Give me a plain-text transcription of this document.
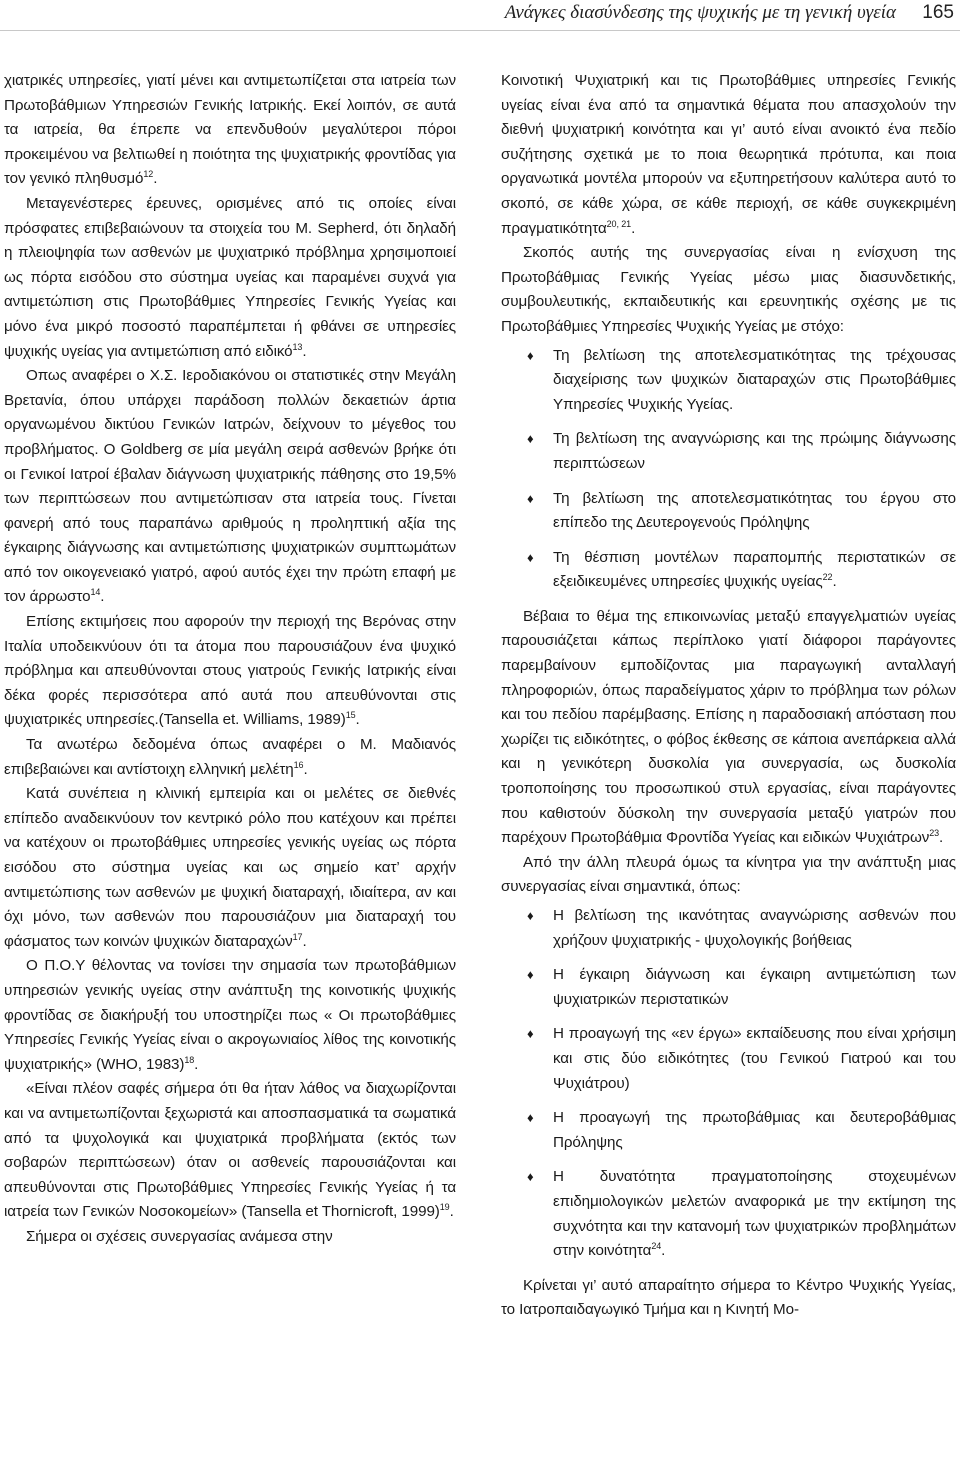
Ανάγκες διασύνδεσης της ψυχικής με τη γενική υγεία 165

χιατρικές υπηρεσίες, γιατί μένει και αντιμετωπίζεται στα ιατρεία των Πρωτοβάθμιων Υπηρεσιών Γενικής Ιατρικής. Εκεί λοιπόν, σε αυτά τα ιατρεία, θα έπρεπε να επενδυθούν μεγαλύτεροι πόροι προκειμένου να βελτιωθεί η ποιότητα της ψυχιατρικής φροντίδας για τον γενικό πληθυσμό$^{12}$.

Μεταγενέστερες έρευνες, ορισμένες από τις οποίες είναι πρόσφατες επιβεβαιώνουν τα στοιχεία του M. Sepherd, ότι δηλαδή η πλειοψηφία των ασθενών με ψυχιατρικό πρόβλημα χρησιμοποιεί ως πόρτα εισόδου στο σύστημα υγείας και παραμένει συχνά για αντιμετώπιση στις Πρωτοβάθμιες Υπηρεσίες Γενικής Υγείας και μόνο ένα μικρό ποσοστό παραπέμπεται ή φθάνει σε υπηρεσίες ψυχικής υγείας για αντιμετώπιση από ειδικό$^{13}$.

Οπως αναφέρει ο Χ.Σ. Ιεροδιακόνου οι στατιστικές στην Μεγάλη Βρετανία, όπου υπάρχει παράδοση πολλών δεκαετιών άρτια οργανωμένου δικτύου Γενικών Ιατρών, δείχνουν το μέγεθος του προβλήματος. Ο Goldberg σε μία μεγάλη σειρά ασθενών βρήκε ότι οι Γενικοί Ιατροί έβαλαν διάγνωση ψυχιατρικής πάθησης στο 19,5% των περιπτώσεων που αντιμετώπισαν στα ιατρεία τους. Γίνεται φανερή από τους παραπάνω αριθμούς η προληπτική αξία της έγκαιρης διάγνωσης και αντιμετώπισης ψυχιατρικών συμπτωμάτων από τον οικογενειακό γιατρό, αφού αυτός έχει την πρώτη επαφή με τον άρρωστο$^{14}$.

Επίσης εκτιμήσεις που αφορούν την περιοχή της Βερόνας στην Ιταλία υποδεικνύουν ότι τα άτομα που παρουσιάζουν ένα ψυχικό πρόβλημα και απευθύνονται στους γιατρούς Γενικής Ιατρικής είναι δέκα φορές περισσότερα από αυτά που απευθύνονται στις ψυχιατρικές υπηρεσίες.(Tansella et. Williams, 1989)$^{15}$.

Τα ανωτέρω δεδομένα όπως αναφέρει ο Μ. Μαδιανός επιβεβαιώνει και αντίστοιχη ελληνική μελέτη$^{16}$.

Κατά συνέπεια η κλινική εμπειρία και οι μελέτες σε διεθνές επίπεδο αναδεικνύουν τον κεντρικό ρόλο που κατέχουν και πρέπει να κατέχουν οι πρωτοβάθμιες υπηρεσίες γενικής υγείας ως πόρτα εισόδου στο σύστημα υγείας και ως σημείο κατ’ αρχήν αντιμετώπισης των ασθενών με ψυχική διαταραχή, ιδιαίτερα, αν και όχι μόνο, των ασθενών που παρουσιάζουν μια διαταραχή του φάσματος των κοινών ψυχικών διαταραχών$^{17}$.

Ο Π.Ο.Υ θέλοντας να τονίσει την σημασία των πρωτοβάθμιων υπηρεσιών γενικής υγείας στην ανάπτυξη της κοινοτικής ψυχικής φροντίδας σε διακήρυξή του υποστηρίζει πως « Οι πρωτοβάθμιες Υπηρεσίες Γενικής Υγείας είναι ο ακρογωνιαίος λίθος της κοινοτικής ψυχιατρικής» (WHO, 1983)$^{18}$.

«Είναι πλέον σαφές σήμερα ότι θα ήταν λάθος να διαχωρίζονται και να αντιμετωπίζονται ξεχωριστά και αποσπασματικά τα σωματικά από τα ψυχολογικά και ψυχιατρικά προβλήματα (εκτός των σοβαρών περιπτώσεων) όταν οι ασθενείς παρουσιάζονται και απευθύνονται στις Πρωτοβάθμιες Υπηρεσίες Γενικής Υγείας ή τα ιατρεία των Γενικών Νοσοκομείων» (Tansella et Thornicroft, 1999)$^{19}$.

Σήμερα οι σχέσεις συνεργασίας ανάμεσα στην

Κοινοτική Ψυχιατρική και τις Πρωτοβάθμιες υπηρεσίες Γενικής υγείας είναι ένα από τα σημαντικά θέματα που απασχολούν την διεθνή ψυχιατρική κοινότητα και γι’ αυτό είναι ανοικτό ένα πεδίο συζήτησης σχετικά με το ποια θεωρητικά πρότυπα, και ποια οργανωτικά μοντέλα μπορούν να εξυπηρετήσουν καλύτερα αυτό το σκοπό, σε κάθε χώρα, σε κάθε περιοχή, σε κάθε συγκεκριμένη πραγματικότητα$^{20, 21}$.

Σκοπός αυτής της συνεργασίας είναι η ενίσχυση της Πρωτοβάθμιας Γενικής Υγείας μέσω μιας διασυνδετικής, συμβουλευτικής, εκπαιδευτικής και ερευνητικής σχέσης με τις Πρωτοβάθμιες Υπηρεσίες Ψυχικής Υγείας με στόχο:

♦ Τη βελτίωση της αποτελεσματικότητας της τρέχουσας διαχείρισης των ψυχικών διαταραχών στις Πρωτοβάθμιες Υπηρεσίες Ψυχικής Υγείας.
♦ Τη βελτίωση της αναγνώρισης και της πρώιμης διάγνωσης περιπτώσεων
♦ Τη βελτίωση της αποτελεσματικότητας του έργου στο επίπεδο της Δευτερογενούς Πρόληψης
♦ Τη θέσπιση μοντέλων παραπομπής περιστατικών σε εξειδικευμένες υπηρεσίες ψυχικής υγείας$^{22}$.

Βέβαια το θέμα της επικοινωνίας μεταξύ επαγγελματιών υγείας παρουσιάζεται κάπως περίπλοκο γιατί διάφοροι παράγοντες παρεμβαίνουν εμποδίζοντας μια παραγωγική ανταλλαγή πληροφοριών, όπως παραδείγματος χάριν το πρόβλημα των ρόλων και του πεδίου παρέμβασης. Επίσης η παραδοσιακή απόσταση που χωρίζει τις ειδικότητες, ο φόβος έκθεσης σε κάποια ανεπάρκεια αλλά και η γενικότερη δυσκολία για συνεργασία, ως δυσκολία τροποποίησης του προσωπικού στυλ εργασίας, είναι παράγοντες που καθιστούν δύσκολη την συνεργασία μεταξύ γιατρών που παρέχουν Πρωτοβάθμια Φροντίδα Υγείας και ειδικών Ψυχιάτρων$^{23}$.

Από την άλλη πλευρά όμως τα κίνητρα για την ανάπτυξη μιας συνεργασίας είναι σημαντικά, όπως:

♦ Η βελτίωση της ικανότητας αναγνώρισης ασθενών που χρήζουν ψυχιατρικής - ψυχολογικής βοήθειας
♦ Η έγκαιρη διάγνωση και έγκαιρη αντιμετώπιση των ψυχιατρικών περιστατικών
♦ Η προαγωγή της «εν έργω» εκπαίδευσης που είναι χρήσιμη και στις δύο ειδικότητες (του Γενικού Γιατρού και του Ψυχιάτρου)
♦ Η προαγωγή της πρωτοβάθμιας και δευτεροβάθμιας Πρόληψης
♦ Η δυνατότητα πραγματοποίησης στοχευμένων επιδημιολογικών μελετών αναφορικά με την εκτίμηση της συχνότητα και την κατανομή των ψυχιατρικών προβλημάτων στην κοινότητα$^{24}$.

Κρίνεται γι’ αυτό απαραίτητο σήμερα το Κέντρο Ψυχικής Υγείας, το Ιατροπαιδαγωγικό Τμήμα και η Κινητή Μο-
